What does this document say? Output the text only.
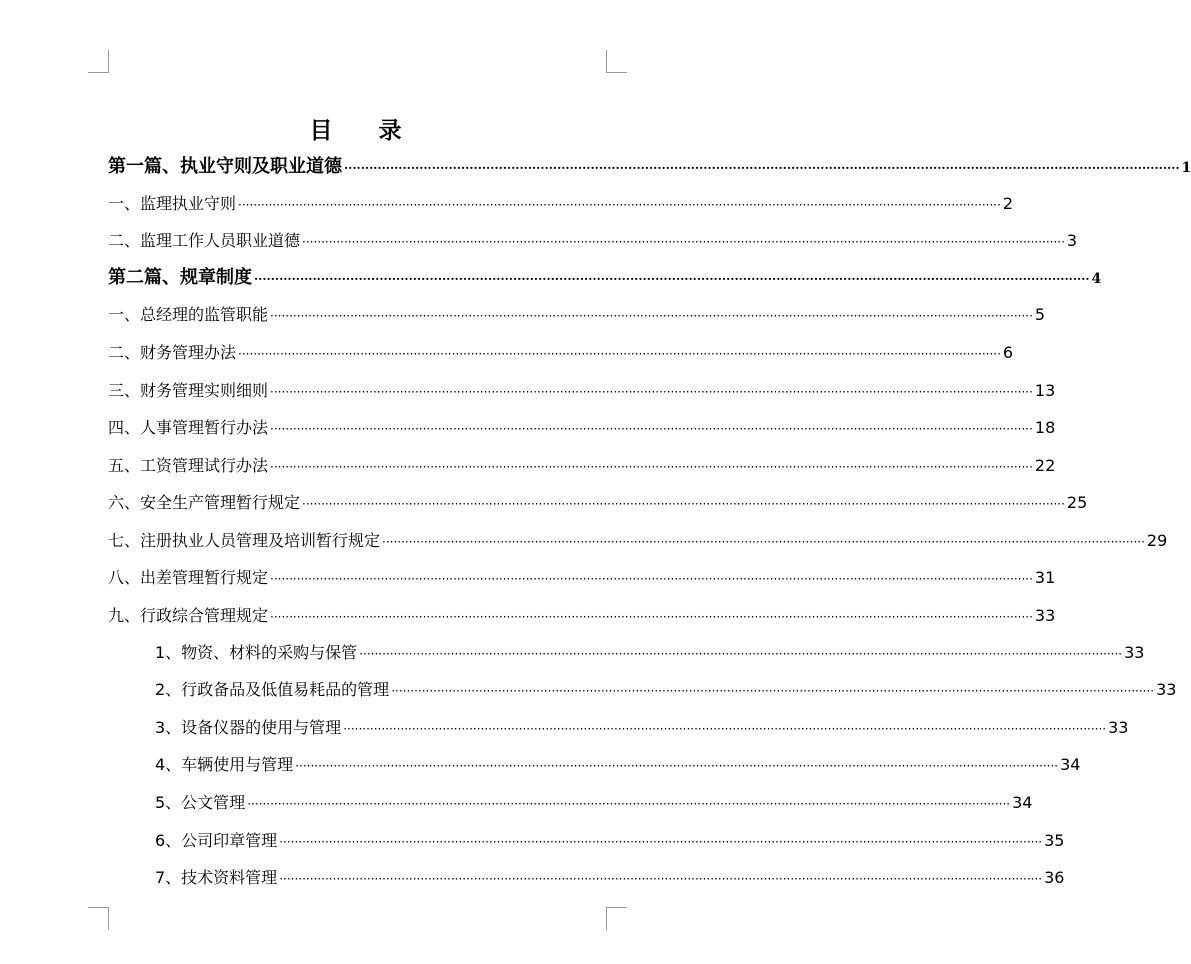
目 录
第一篇、执业守则及职业道德 ········································································································································································································ 1
一、监理执业守则 ········································································································································································································ 2
二、监理工作人员职业道德 ········································································································································································································ 3
第二篇、规章制度 ········································································································································································································ 4
一、总经理的监管职能 ········································································································································································································ 5
二、财务管理办法 ········································································································································································································ 6
三、财务管理实则细则 ········································································································································································································ 13
四、人事管理暂行办法 ········································································································································································································ 18
五、工资管理试行办法 ········································································································································································································ 22
六、安全生产管理暂行规定 ········································································································································································································ 25
七、注册执业人员管理及培训暂行规定 ········································································································································································································ 29
八、出差管理暂行规定 ········································································································································································································ 31
九、行政综合管理规定 ········································································································································································································ 33
1、物资、材料的采购与保管 ········································································································································································································ 33
2、行政备品及低值易耗品的管理 ········································································································································································································ 33
3、设备仪器的使用与管理 ········································································································································································································ 33
4、车辆使用与管理 ········································································································································································································ 34
5、公文管理 ········································································································································································································ 34
6、公司印章管理 ········································································································································································································ 35
7、技术资料管理 ········································································································································································································ 36
